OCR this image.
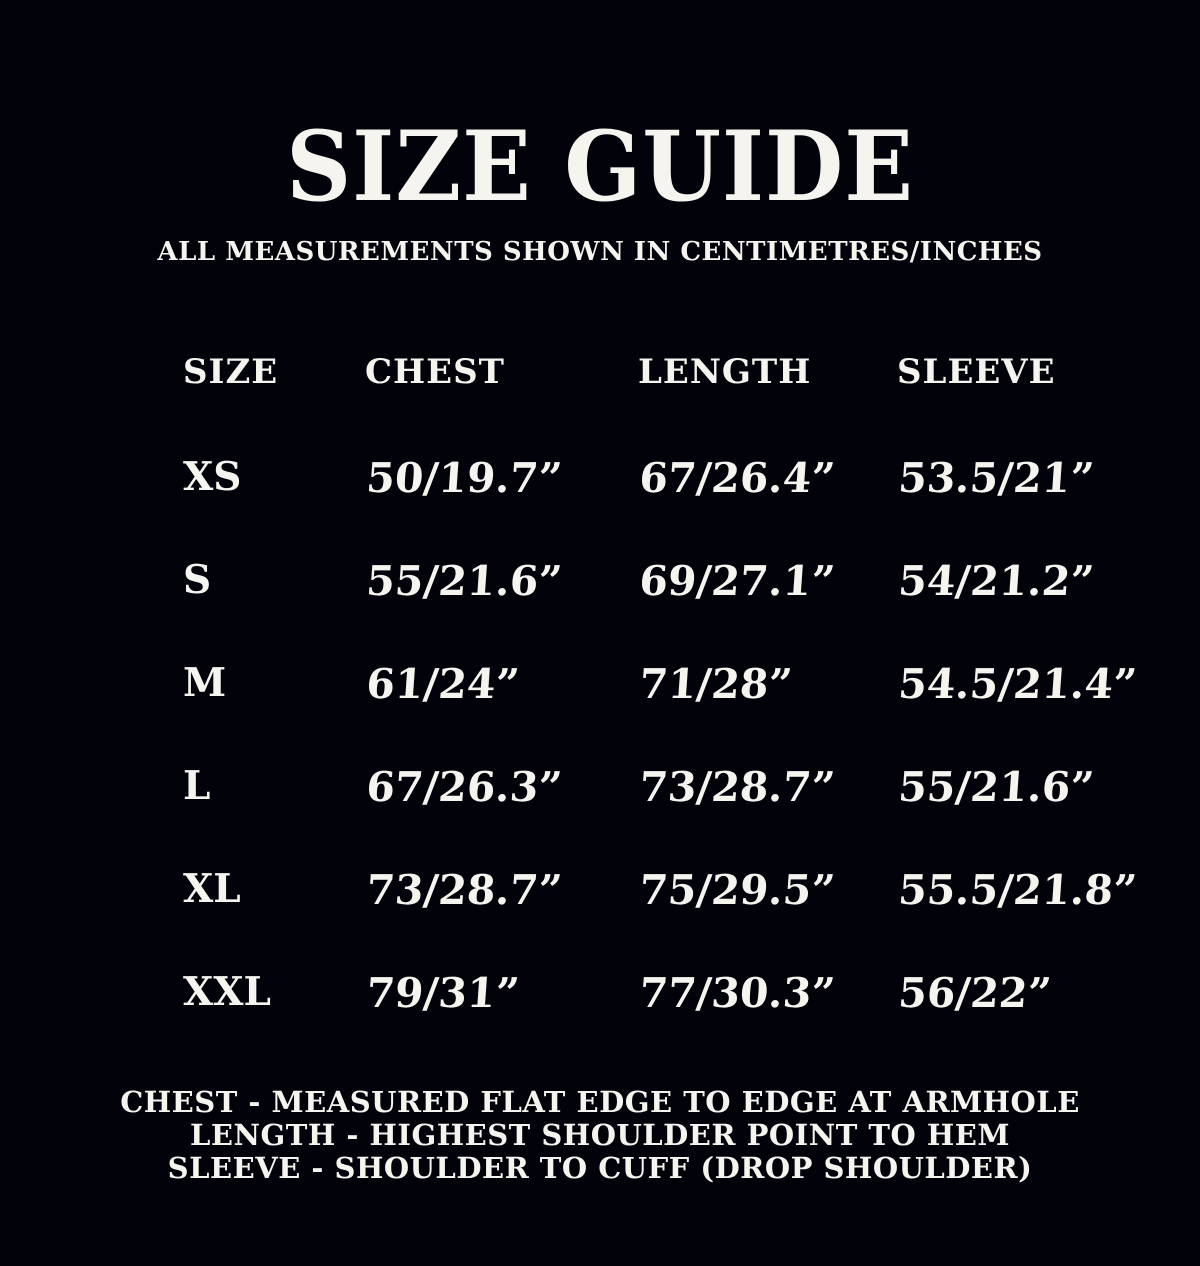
SIZE GUIDE

ALL MEASUREMENTS SHOWN IN CENTIMETRES/INCHES

SIZE	CHEST	LENGTH	SLEEVE
XS	50/19.7”	67/26.4”	53.5/21”
S	55/21.6”	69/27.1”	54/21.2”
M	61/24”	71/28”	54.5/21.4”
L	67/26.3”	73/28.7”	55/21.6”
XL	73/28.7”	75/29.5”	55.5/21.8”
XXL	79/31”	77/30.3”	56/22”

CHEST - MEASURED FLAT EDGE TO EDGE AT ARMHOLE

LENGTH - HIGHEST SHOULDER POINT TO HEM

SLEEVE - SHOULDER TO CUFF (DROP SHOULDER)
